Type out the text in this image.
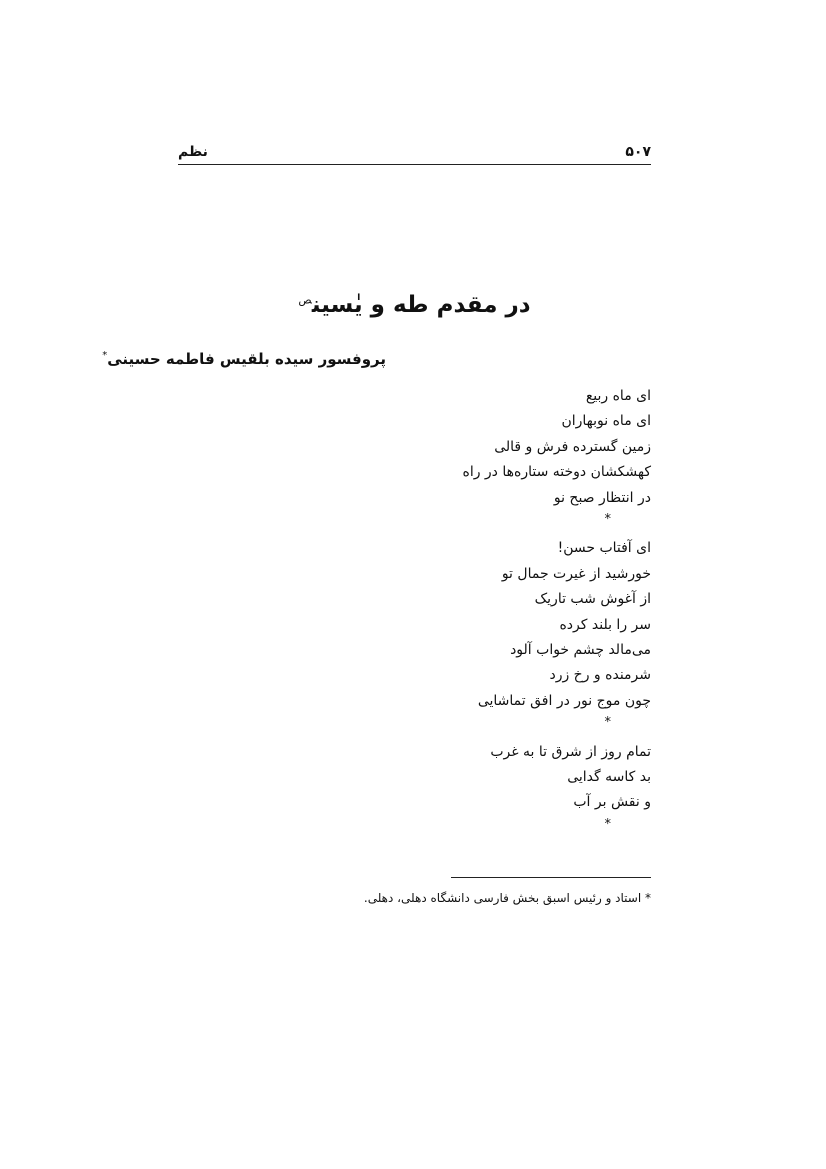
نظم	۵۰۷
در مقدم طه و يٰسين$^ص$
پروفسور سیده بلقیس فاطمه حسینی*
ای ماه ربیع
ای ماه نوبهاران
زمین گسترده فرش و قالی
کهشکشان دوخته ستاره‌ها در راه
در انتظار صبح نو
*
ای آفتاب حسن!
خورشید از غیرت جمال تو
از آغوش شب تاریک
سر را بلند کرده
می‌مالد چشم خواب آلود
شرمنده و رخ زرد
چون موج نور در افق تماشایی
*
تمام روز از شرق تا به غرب
بد کاسه گدایی
و نقش بر آب
*
* استاد و رئیس اسبق بخش فارسی دانشگاه دهلی، دهلی.
